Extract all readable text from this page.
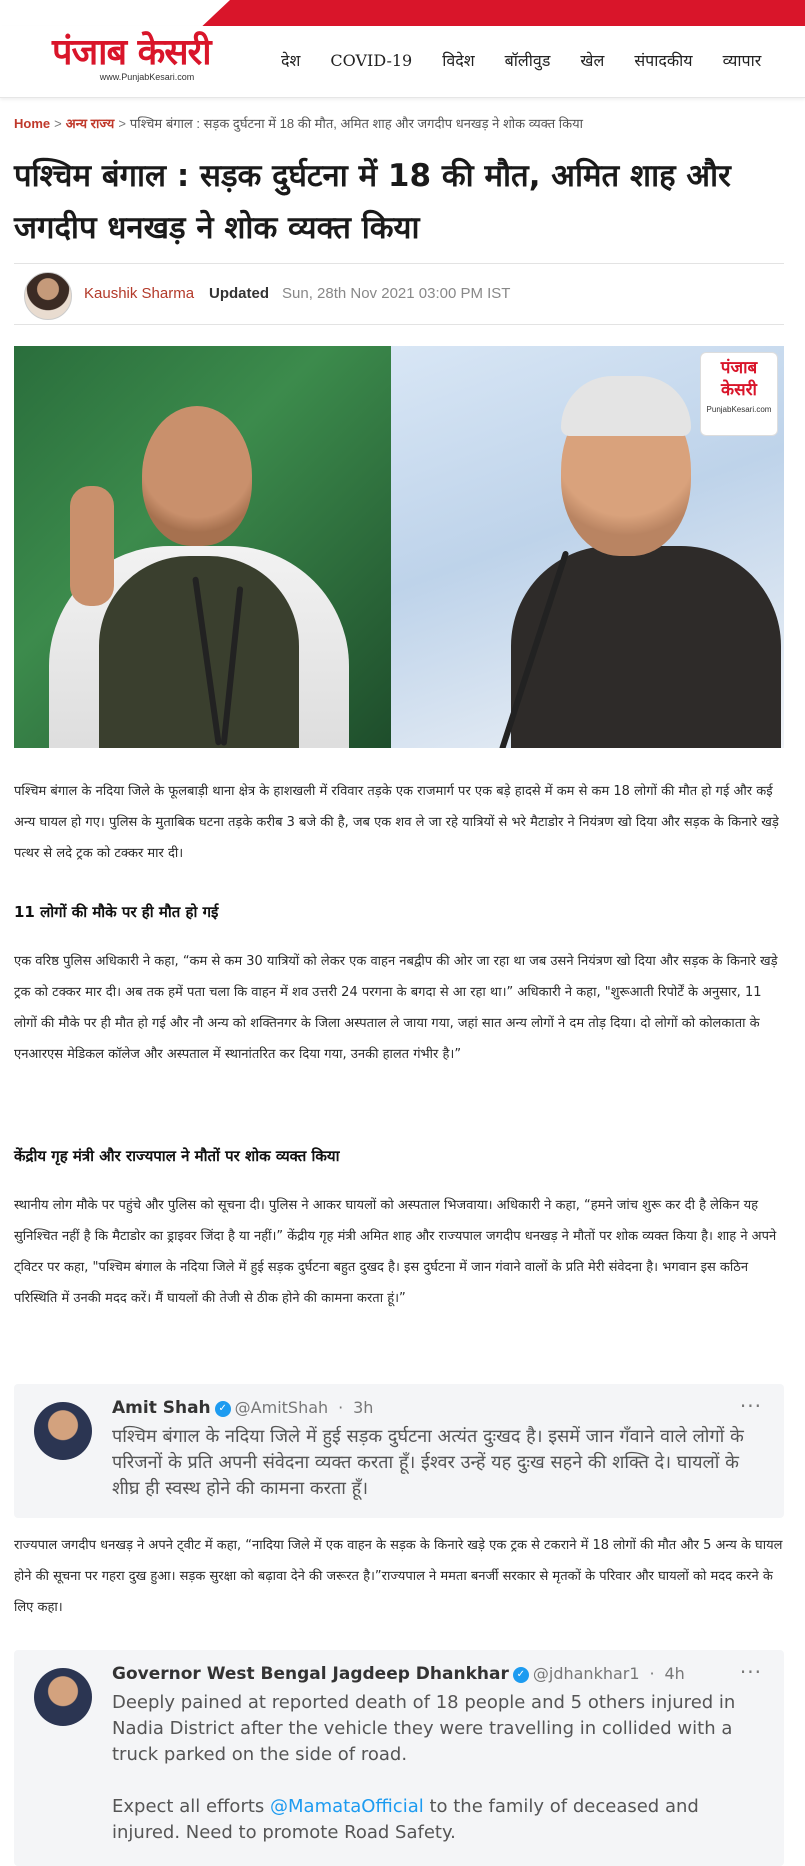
पंजाब केसरी
www.PunjabKesari.com
देश	COVID-19	विदेश	बॉलीवुड	खेल	संपादकीय	व्यापार
Home > अन्य राज्य > पश्चिम बंगाल : सड़क दुर्घटना में 18 की मौत, अमित शाह और जगदीप धनखड़ ने शोक व्यक्त किया
पश्चिम बंगाल : सड़क दुर्घटना में 18 की मौत, अमित शाह और जगदीप धनखड़ ने शोक व्यक्त किया
Kaushik Sharma Updated Sun, 28th Nov 2021 03:00 PM IST
पंजाब केसरी
PunjabKesari.com

पश्चिम बंगाल के नदिया जिले के फूलबाड़ी थाना क्षेत्र के हाशखली में रविवार तड़के एक राजमार्ग पर एक बड़े हादसे में कम से कम 18 लोगों की मौत हो गई और कई अन्य घायल हो गए। पुलिस के मुताबिक घटना तड़के करीब 3 बजे की है, जब एक शव ले जा रहे यात्रियों से भरे मैटाडोर ने नियंत्रण खो दिया और सड़क के किनारे खड़े पत्थर से लदे ट्रक को टक्कर मार दी।

11 लोगों की मौके पर ही मौत हो गई

एक वरिष्ठ पुलिस अधिकारी ने कहा, “कम से कम 30 यात्रियों को लेकर एक वाहन नबद्वीप की ओर जा रहा था जब उसने नियंत्रण खो दिया और सड़क के किनारे खड़े ट्रक को टक्कर मार दी। अब तक हमें पता चला कि वाहन में शव उत्तरी 24 परगना के बगदा से आ रहा था।” अधिकारी ने कहा, "शुरूआती रिपोर्टें के अनुसार, 11 लोगों की मौके पर ही मौत हो गई और नौ अन्य को शक्तिनगर के जिला अस्पताल ले जाया गया, जहां सात अन्य लोगों ने दम तोड़ दिया। दो लोगों को कोलकाता के एनआरएस मेडिकल कॉलेज और अस्पताल में स्थानांतरित कर दिया गया, उनकी हालत गंभीर है।”

केंद्रीय गृह मंत्री और राज्यपाल ने मौतों पर शोक व्यक्त किया

स्थानीय लोग मौके पर पहुंचे और पुलिस को सूचना दी। पुलिस ने आकर घायलों को अस्पताल भिजवाया। अधिकारी ने कहा, “हमने जांच शुरू कर दी है लेकिन यह सुनिश्चित नहीं है कि मैटाडोर का ड्राइवर जिंदा है या नहीं।” केंद्रीय गृह मंत्री अमित शाह और राज्यपाल जगदीप धनखड़ ने मौतों पर शोक व्यक्त किया है। शाह ने अपने ट्विटर पर कहा, "पश्चिम बंगाल के नदिया जिले में हुई सड़क दुर्घटना बहुत दुखद है। इस दुर्घटना में जान गंवाने वालों के प्रति मेरी संवेदना है। भगवान इस कठिन परिस्थिति में उनकी मदद करें। मैं घायलों की तेजी से ठीक होने की कामना करता हूं।”

Amit Shah ✓ @AmitShah · 3h	···
पश्चिम बंगाल के नदिया जिले में हुई सड़क दुर्घटना अत्यंत दुःखद है। इसमें जान गँवाने वाले लोगों के परिजनों के प्रति अपनी संवेदना व्यक्त करता हूँ। ईश्वर उन्हें यह दुःख सहने की शक्ति दे। घायलों के शीघ्र ही स्वस्थ होने की कामना करता हूँ।

राज्यपाल जगदीप धनखड़ ने अपने ट्वीट में कहा, “नादिया जिले में एक वाहन के सड़क के किनारे खड़े एक ट्रक से टकराने में 18 लोगों की मौत और 5 अन्य के घायल होने की सूचना पर गहरा दुख हुआ। सड़क सुरक्षा को बढ़ावा देने की जरूरत है।”राज्यपाल ने ममता बनर्जी सरकार से मृतकों के परिवार और घायलों को मदद करने के लिए कहा।

Governor West Bengal Jagdeep Dhankhar ✓ @jdhankhar1 · 4h	···
Deeply pained at reported death of 18 people and 5 others injured in Nadia District after the vehicle they were travelling in collided with a truck parked on the side of road.
Expect all efforts @MamataOfficial to the family of deceased and injured. Need to promote Road Safety.
